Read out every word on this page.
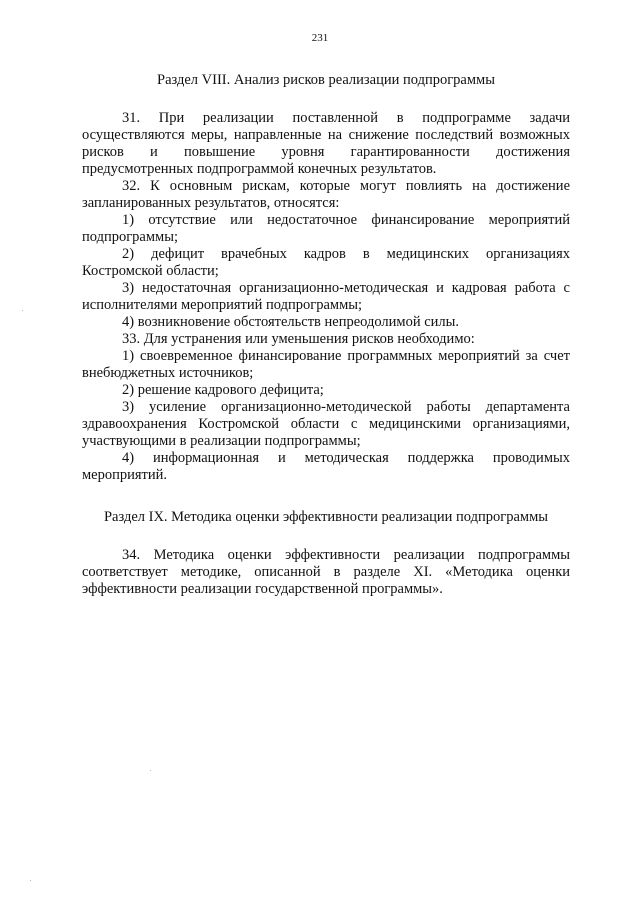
231
Раздел VIII. Анализ рисков реализации подпрограммы

31. При реализации поставленной в подпрограмме задачи осуществляются меры, направленные на снижение последствий возможных рисков и повышение уровня гарантированности достижения предусмотренных подпрограммой конечных результатов.

32. К основным рискам, которые могут повлиять на достижение запланированных результатов, относятся:

1) отсутствие или недостаточное финансирование мероприятий подпрограммы;

2) дефицит врачебных кадров в медицинских организациях Костромской области;

3) недостаточная организационно-методическая и кадровая работа с исполнителями мероприятий подпрограммы;

4) возникновение обстоятельств непреодолимой силы.

33. Для устранения или уменьшения рисков необходимо:

1) своевременное финансирование программных мероприятий за счет внебюджетных источников;

2) решение кадрового дефицита;

3) усиление организационно-методической работы департамента здравоохранения Костромской области с медицинскими организациями, участвующими в реализации подпрограммы;

4) информационная и методическая поддержка проводимых мероприятий.

Раздел IX. Методика оценки эффективности реализации подпрограммы

34. Методика оценки эффективности реализации подпрограммы соответствует методике, описанной в разделе XI. «Методика оценки эффективности реализации государственной программы».
